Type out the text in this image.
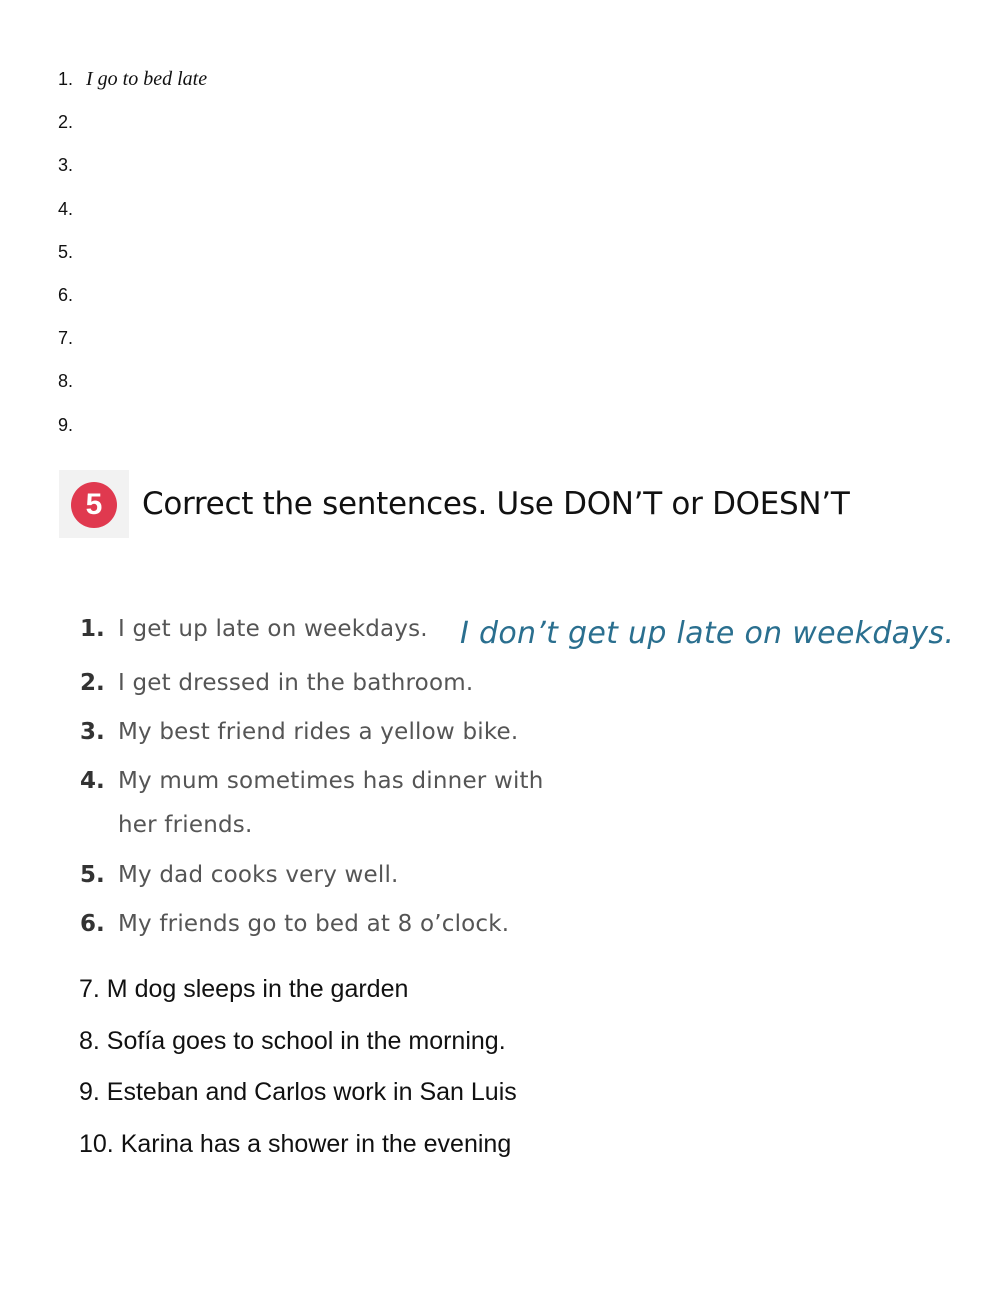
1. I go to bed late
2.
3.
4.
5.
6.
7.
8.
9.
5	Correct the sentences. Use DON’T or DOESN’T
1. I get up late on weekdays. I don’t get up late on weekdays.
2. I get dressed in the bathroom.
3. My best friend rides a yellow bike.
4. My mum sometimes has dinner with
her friends.
5. My dad cooks very well.
6. My friends go to bed at 8 o’clock.
7. M dog sleeps in the garden
8. Sofía goes to school in the morning.
9. Esteban and Carlos work in San Luis
10. Karina has a shower in the evening
